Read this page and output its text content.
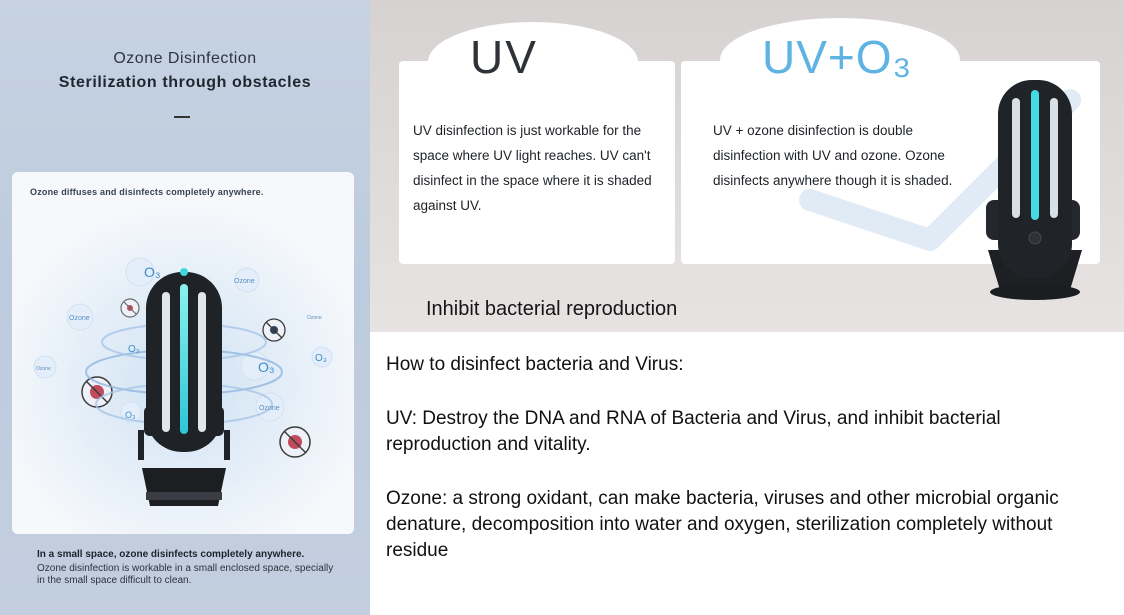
Ozone Disinfection
Sterilization through obstacles
O₃
O₃
O₃
O₃
O₃
Ozone
Ozone	Ozone
Ozone
Ozone
Ozone diffuses and disinfects completely anywhere.
In a small space, ozone disinfects completely anywhere.
Ozone disinfection is workable in a small enclosed space, specially in the small space difficult to clean.
UV	UV+O₃
UV disinfection is just workable for the space where UV light reaches. UV can't disinfect in the space where it is shaded against UV.
UV + ozone disinfection is double disinfection with UV and ozone. Ozone disinfects anywhere though it is shaded.
Inhibit bacterial reproduction
How to disinfect bacteria and Virus:
UV: Destroy the DNA and RNA of Bacteria and Virus, and inhibit bacterial reproduction and vitality.
Ozone: a strong oxidant, can make bacteria, viruses and other microbial organic denature, decomposition into water and oxygen, sterilization completely without residue
